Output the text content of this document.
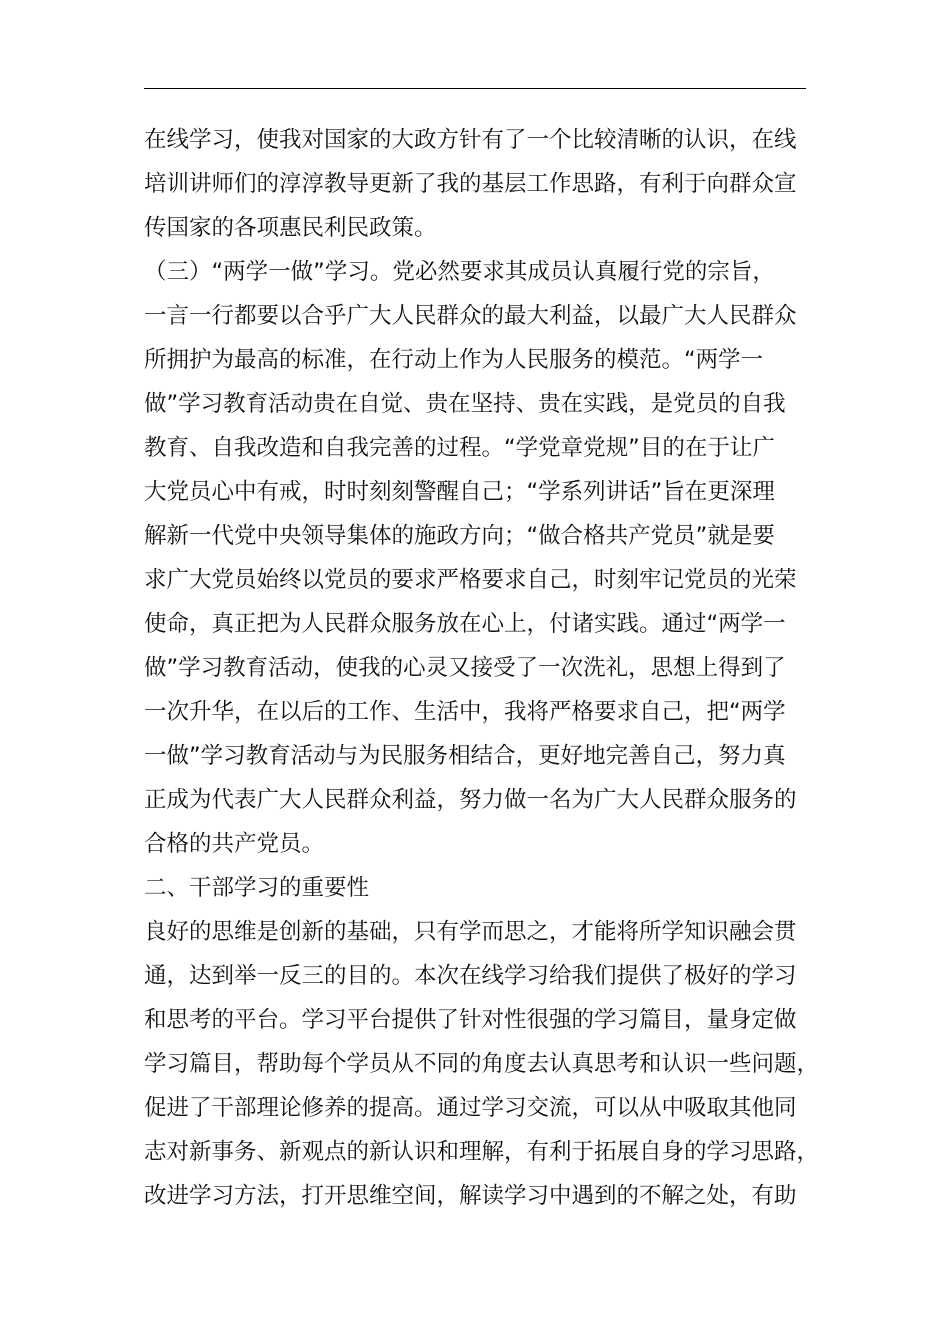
在线学习，使我对国家的大政方针有了一个比较清晰的认识，在线
培训讲师们的淳淳教导更新了我的基层工作思路，有利于向群众宣
传国家的各项惠民利民政策。
（三）“两学一做”学习。党必然要求其成员认真履行党的宗旨，
一言一行都要以合乎广大人民群众的最大利益，以最广大人民群众
所拥护为最高的标准，在行动上作为人民服务的模范。“两学一
做”学习教育活动贵在自觉、贵在坚持、贵在实践，是党员的自我
教育、自我改造和自我完善的过程。“学党章党规”目的在于让广
大党员心中有戒，时时刻刻警醒自己；“学系列讲话”旨在更深理
解新一代党中央领导集体的施政方向；“做合格共产党员”就是要
求广大党员始终以党员的要求严格要求自己，时刻牢记党员的光荣
使命，真正把为人民群众服务放在心上，付诸实践。通过“两学一
做”学习教育活动，使我的心灵又接受了一次洗礼，思想上得到了
一次升华，在以后的工作、生活中，我将严格要求自己，把“两学
一做”学习教育活动与为民服务相结合，更好地完善自己，努力真
正成为代表广大人民群众利益，努力做一名为广大人民群众服务的
合格的共产党员。
二、干部学习的重要性
良好的思维是创新的基础，只有学而思之，才能将所学知识融会贯
通，达到举一反三的目的。本次在线学习给我们提供了极好的学习
和思考的平台。学习平台提供了针对性很强的学习篇目，量身定做
学习篇目，帮助每个学员从不同的角度去认真思考和认识一些问题，
促进了干部理论修养的提高。通过学习交流，可以从中吸取其他同
志对新事务、新观点的新认识和理解，有利于拓展自身的学习思路，
改进学习方法，打开思维空间，解读学习中遇到的不解之处，有助
